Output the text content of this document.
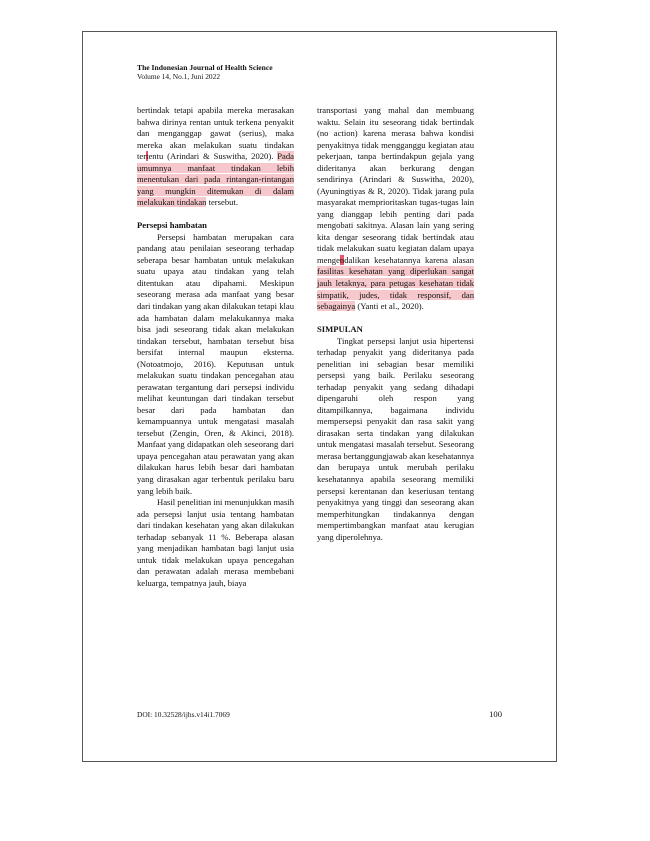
The Indonesian Journal of Health Science
Volume 14, No.1, Juni 2022

bertindak tetapi apabila mereka merasakan bahwa dirinya rentan untuk terkena penyakit dan menganggap gawat (serius), maka mereka akan melakukan suatu tindakan tertentu (Arindari & Suswitha, 2020). Pada umumnya manfaat tindakan lebih menentukan dari pada rintangan-rintangan yang mungkin ditemukan di dalam melakukan tindakan tersebut.

Persepsi hambatan

Persepsi hambatan merupakan cara pandang atau penilaian seseorang terhadap seberapa besar hambatan untuk melakukan suatu upaya atau tindakan yang telah ditentukan atau dipahami. Meskipun seseorang merasa ada manfaat yang besar dari tindakan yang akan dilakukan tetapi klau ada hambatan dalam melakukannya maka bisa jadi seseorang tidak akan melakukan tindakan tersebut, hambatan tersebut bisa bersifat internal maupun eksterna. (Notoatmojo, 2016). Keputusan untuk melakukan suatu tindakan pencegahan atau perawatan tergantung dari persepsi individu melihat keuntungan dari tindakan tersebut besar dari pada hambatan dan kemampuannya untuk mengatasi masalah tersebut (Zengin, Oren, & Akinci, 2018). Manfaat yang didapatkan oleh seseorang dari upaya pencegahan atau perawatan yang akan dilakukan harus lebih besar dari hambatan yang dirasakan agar terbentuk perilaku baru yang lebih baik.

Hasil penelitian ini menunjukkan masih ada persepsi lanjut usia tentang hambatan dari tindakan kesehatan yang akan dilakukan terhadap sebanyak 11 %. Beberapa alasan yang menjadikan hambatan bagi lanjut usia untuk tidak melakukan upaya pencegahan dan perawatan adalah merasa membebani keluarga, tempatnya jauh, biaya

transportasi yang mahal dan membuang waktu. Selain itu seseorang tidak bertindak (no action) karena merasa bahwa kondisi penyakitnya tidak mengganggu kegiatan atau pekerjaan, tanpa bertindakpun gejala yang dideritanya akan berkurang dengan sendirinya (Arindari & Suswitha, 2020), (Ayuningtiyas & R, 2020). Tidak jarang pula masyarakat memprioritaskan tugas-tugas lain yang dianggap lebih penting dari pada mengobati sakitnya. Alasan lain yang sering kita dengar seseorang tidak bertindak atau tidak melakukan suatu kegiatan dalam upaya mengendalikan kesehatannya karena alasan fasilitas kesehatan yang diperlukan sangat jauh letaknya, para petugas kesehatan tidak simpatik, judes, tidak responsif, dan sebagainya (Yanti et al., 2020).

SIMPULAN

Tingkat persepsi lanjut usia hipertensi terhadap penyakit yang dideritanya pada penelitian ini sebagian besar memiliki persepsi yang baik. Perilaku seseorang terhadap penyakit yang sedang dihadapi dipengaruhi oleh respon yang ditampilkannya, bagaimana individu mempersepsi penyakit dan rasa sakit yang dirasakan serta tindakan yang dilakukan untuk mengatasi masalah tersebut. Seseorang merasa bertanggungjawab akan kesehatannya dan berupaya untuk merubah perilaku kesehatannya apabila seseorang memiliki persepsi kerentanan dan keseriusan tentang penyakitnya yang tinggi dan seseorang akan memperhitungkan tindakannya dengan mempertimbangkan manfaat atau kerugian yang diperolehnya.

DOI: 10.32528/ijhs.v14i1.7069	100
